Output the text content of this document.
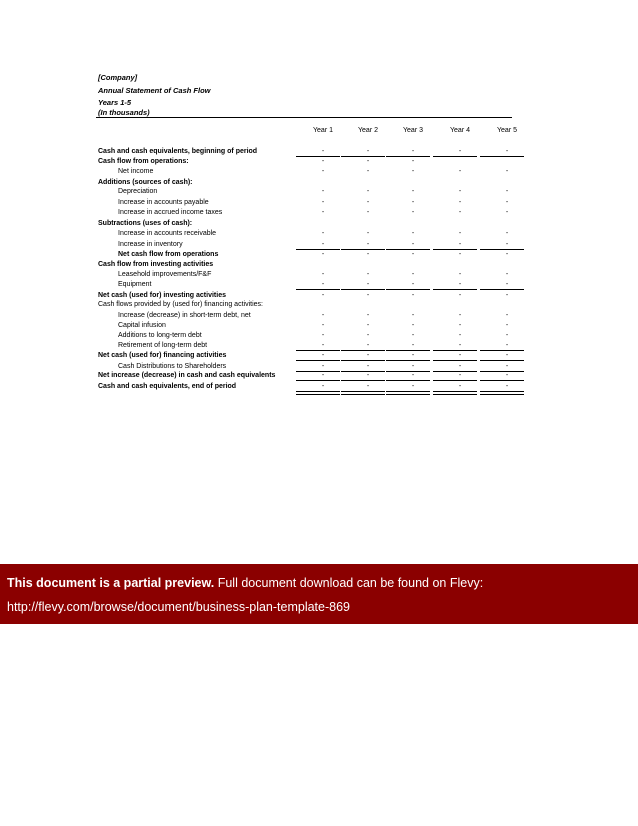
[Company]
Annual Statement of Cash Flow
Years 1-5
(In thousands)
Year 1	Year 2	Year 3	Year 4	Year 5
Cash and cash equivalents, beginning of period	-	-	-	-	-
Cash flow from operations:	-	-	-
Net income	-	-	-	-	-
Additions (sources of cash):
Depreciation	-	-	-	-	-
Increase in accounts payable	-	-	-	-	-
Increase in accrued income taxes	-	-	-	-	-
Subtractions (uses of cash):
Increase in accounts receivable	-	-	-	-	-
Increase in inventory	-	-	-	-	-
Net cash flow from operations	-	-	-	-	-
Cash flow from investing activities
Leasehold improvements/F&F	-	-	-	-	-
Equipment	-	-	-	-	-
Net cash (used for) investing activities	-	-	-	-	-
Cash flows provided by (used for) financing activities:
Increase (decrease) in short-term debt, net	-	-	-	-	-
Capital infusion	-	-	-	-	-
Additions to long-term debt	-	-	-	-	-
Retirement of long-term debt	-	-	-	-	-
Net cash (used for) financing activities	-	-	-	-	-
Cash Distributions to Shareholders	-	-	-	-	-
Net increase (decrease) in cash and cash equivalents	-	-	-	-	-
Cash and cash equivalents, end of period	-	-	-	-	-
This document is a partial preview. Full document download can be found on Flevy:
http://flevy.com/browse/document/business-plan-template-869
